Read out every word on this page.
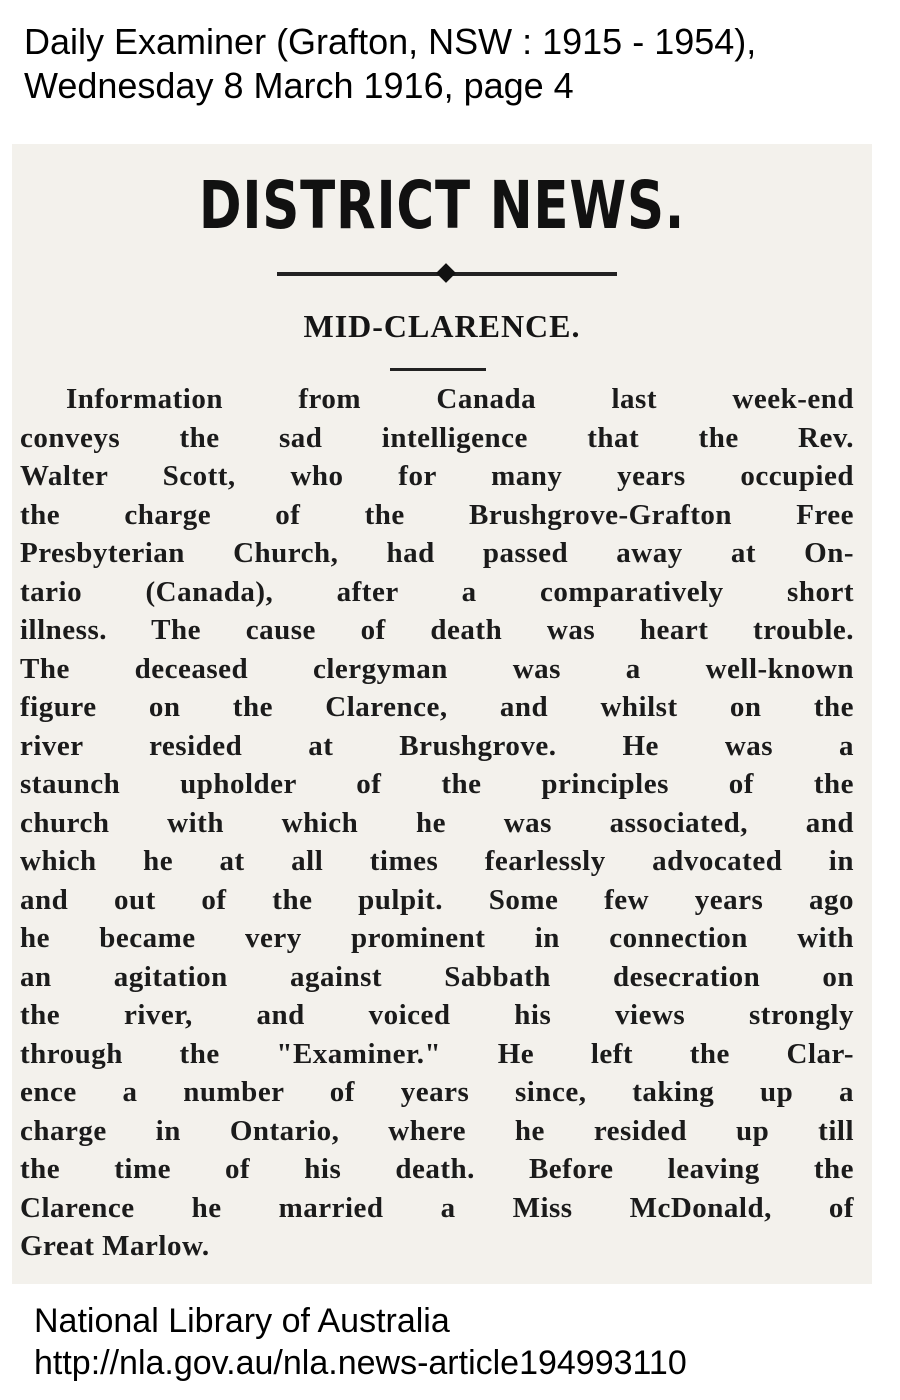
Daily Examiner (Grafton, NSW : 1915 - 1954),
Wednesday 8 March 1916, page 4
DISTRICT NEWS.
MID-CLARENCE.
Information from Canada last week-end
conveys the sad intelligence that the Rev.
Walter Scott, who for many years occupied
the charge of the Brushgrove-Grafton Free
Presbyterian Church, had passed away at On-
tario (Canada), after a comparatively short
illness. The cause of death was heart trouble.
The deceased clergyman was a well-known
figure on the Clarence, and whilst on the
river resided at Brushgrove. He was a
staunch upholder of the principles of the
church with which he was associated, and
which he at all times fearlessly advocated in
and out of the pulpit. Some few years ago
he became very prominent in connection with
an agitation against Sabbath desecration on
the river, and voiced his views strongly
through the "Examiner." He left the Clar-
ence a number of years since, taking up a
charge in Ontario, where he resided up till
the time of his death. Before leaving the
Clarence he married a Miss McDonald, of
Great Marlow.
National Library of Australia
http://nla.gov.au/nla.news-article194993110
